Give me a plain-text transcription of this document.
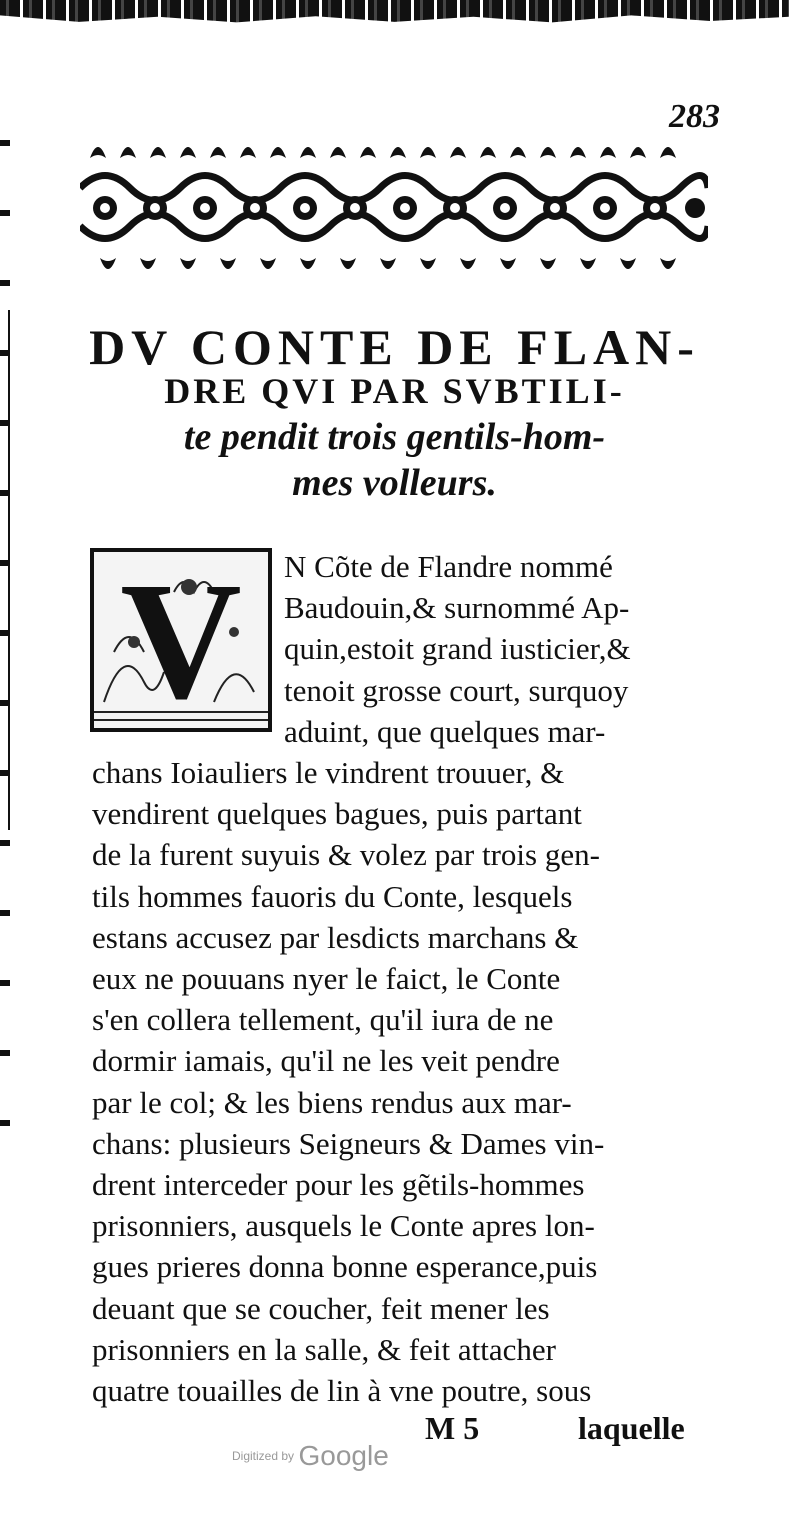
283
DV CONTE DE FLAN-
DRE QVI PAR SVBTILI-
te pendit trois gentils-hom-
mes volleurs.
V	N Cõte de Flandre nommé
Baudouin,& surnommé Ap-
quin,estoit grand iusticier,&
tenoit grosse court, surquoy
aduint, que quelques mar-
chans Ioiauliers le vindrent trouuer, &
vendirent quelques bagues, puis partant
de la furent suyuis & volez par trois gen-
tils hommes fauoris du Conte, lesquels
estans accusez par lesdicts marchans &
eux ne pouuans nyer le faict, le Conte
s'en collera tellement, qu'il iura de ne
dormir iamais, qu'il ne les veit pendre
par le col; & les biens rendus aux mar-
chans: plusieurs Seigneurs & Dames vin-
drent interceder pour les gẽtils-hommes
prisonniers, ausquels le Conte apres lon-
gues prieres donna bonne esperance,puis
deuant que se coucher, feit mener les
prisonniers en la salle, & feit attacher
quatre touailles de lin à vne poutre, sous
M 5	laquelle
Digitized by Google
